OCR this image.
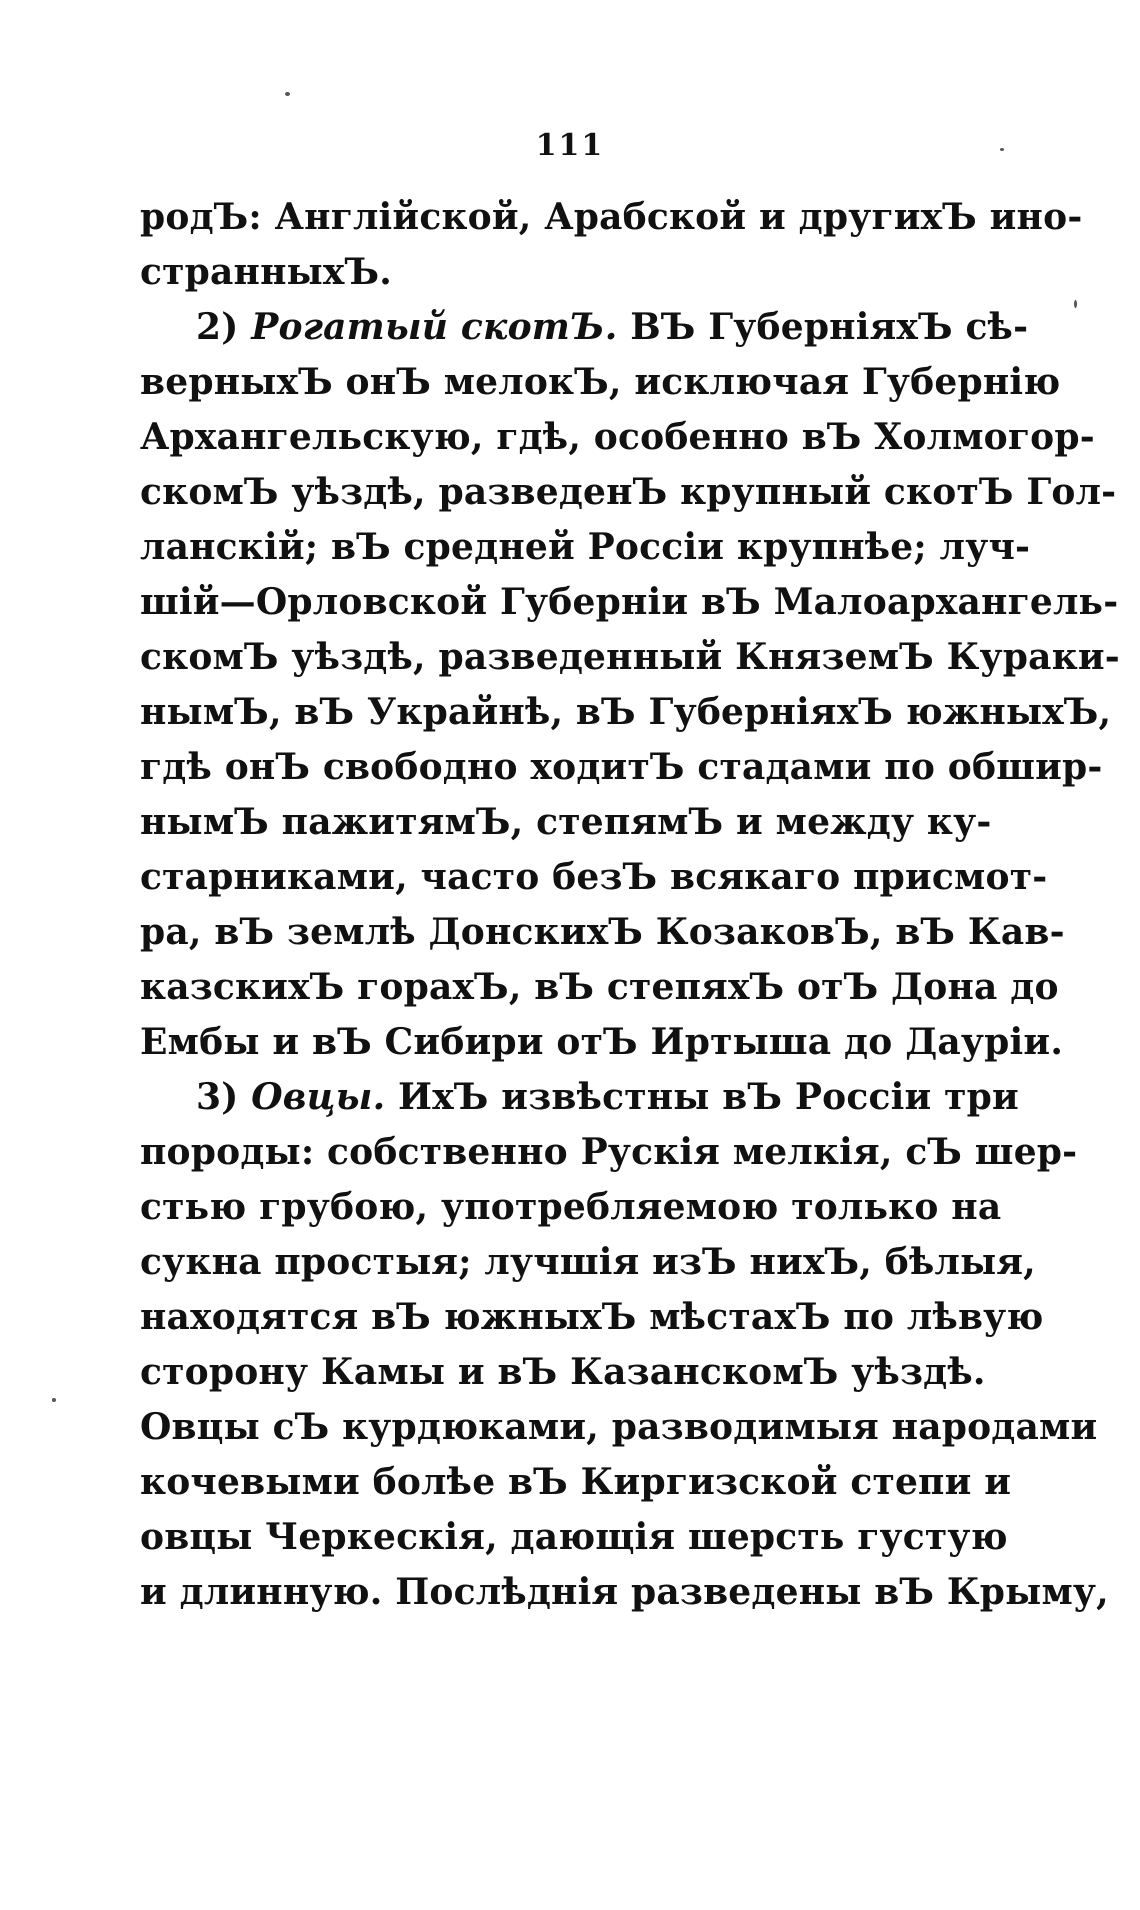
111
родЪ: Англійской, Арабской и другихЪ ино-
странныхЪ.
2) Рогатый скотЪ. ВЪ ГуберніяхЪ сѣ-
верныхЪ онЪ мелокЪ, исключая Губернію
Архангельскую, гдѣ, особенно вЪ Холмогор-
скомЪ уѣздѣ, разведенЪ крупный скотЪ Гол-
ланскій; вЪ средней Россіи крупнѣе; луч-
шій—Орловской Губерніи вЪ Малоархангель-
скомЪ уѣздѣ, разведенный КняземЪ Кураки-
нымЪ, вЪ Украйнѣ, вЪ ГуберніяхЪ южныхЪ,
гдѣ онЪ свободно ходитЪ стадами по обшир-
нымЪ пажитямЪ, степямЪ и между ку-
старниками, часто безЪ всякаго присмот-
ра, вЪ землѣ ДонскихЪ КозаковЪ, вЪ Кав-
казскихЪ горахЪ, вЪ степяхЪ отЪ Дона до
Ембы и вЪ Сибири отЪ Иртыша до Дауріи.
3) Овцы. ИхЪ извѣстны вЪ Россіи три
породы: собственно Рускія мелкія, сЪ шер-
стью грубою, употребляемою только на
сукна простыя; лучшія изЪ нихЪ, бѣлыя,
находятся вЪ южныхЪ мѣстахЪ по лѣвую
сторону Камы и вЪ КазанскомЪ уѣздѣ.
Овцы сЪ курдюками, разводимыя народами
кочевыми болѣе вЪ Киргизской степи и
овцы Черкескія, дающія шерсть густую
и длинную. Послѣднія разведены вЪ Крыму,
